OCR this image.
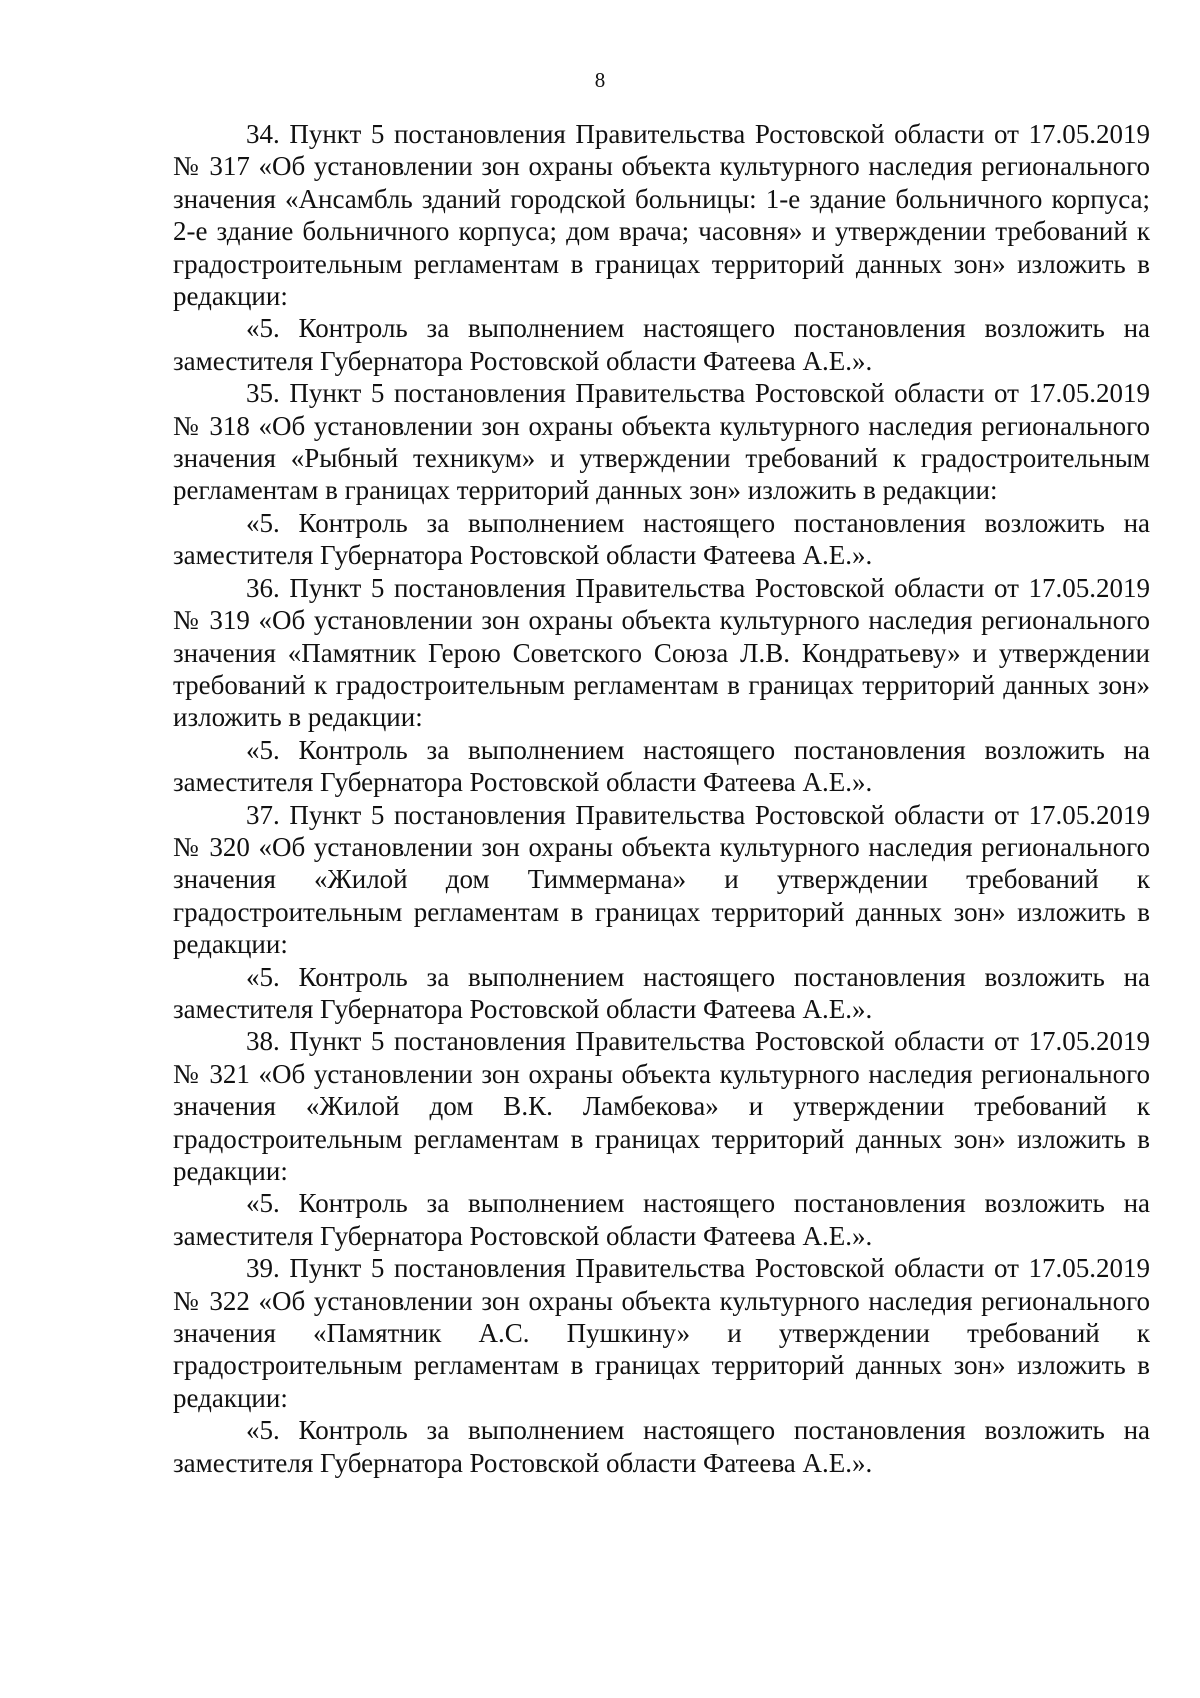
8

34. Пункт 5 постановления Правительства Ростовской области от 17.05.2019 № 317 «Об установлении зон охраны объекта культурного наследия регионального значения «Ансамбль зданий городской больницы: 1-е здание больничного корпуса; 2-е здание больничного корпуса; дом врача; часовня» и утверждении требований к градостроительным регламентам в границах территорий данных зон» изложить в редакции:

«5. Контроль за выполнением настоящего постановления возложить на заместителя Губернатора Ростовской области Фатеева А.Е.».

35. Пункт 5 постановления Правительства Ростовской области от 17.05.2019 № 318 «Об установлении зон охраны объекта культурного наследия регионального значения «Рыбный техникум» и утверждении требований к градостроительным регламентам в границах территорий данных зон» изложить в редакции:

«5. Контроль за выполнением настоящего постановления возложить на заместителя Губернатора Ростовской области Фатеева А.Е.».

36. Пункт 5 постановления Правительства Ростовской области от 17.05.2019 № 319 «Об установлении зон охраны объекта культурного наследия регионального значения «Памятник Герою Советского Союза Л.В. Кондратьеву» и утверждении требований к градостроительным регламентам в границах территорий данных зон» изложить в редакции:

«5. Контроль за выполнением настоящего постановления возложить на заместителя Губернатора Ростовской области Фатеева А.Е.».

37. Пункт 5 постановления Правительства Ростовской области от 17.05.2019 № 320 «Об установлении зон охраны объекта культурного наследия регионального значения «Жилой дом Тиммермана» и утверждении требований к градостроительным регламентам в границах территорий данных зон» изложить в редакции:

«5. Контроль за выполнением настоящего постановления возложить на заместителя Губернатора Ростовской области Фатеева А.Е.».

38. Пункт 5 постановления Правительства Ростовской области от 17.05.2019 № 321 «Об установлении зон охраны объекта культурного наследия регионального значения «Жилой дом В.К. Ламбекова» и утверждении требований к градостроительным регламентам в границах территорий данных зон» изложить в редакции:

«5. Контроль за выполнением настоящего постановления возложить на заместителя Губернатора Ростовской области Фатеева А.Е.».

39. Пункт 5 постановления Правительства Ростовской области от 17.05.2019 № 322 «Об установлении зон охраны объекта культурного наследия регионального значения «Памятник А.С. Пушкину» и утверждении требований к градостроительным регламентам в границах территорий данных зон» изложить в редакции:

«5. Контроль за выполнением настоящего постановления возложить на заместителя Губернатора Ростовской области Фатеева А.Е.».
